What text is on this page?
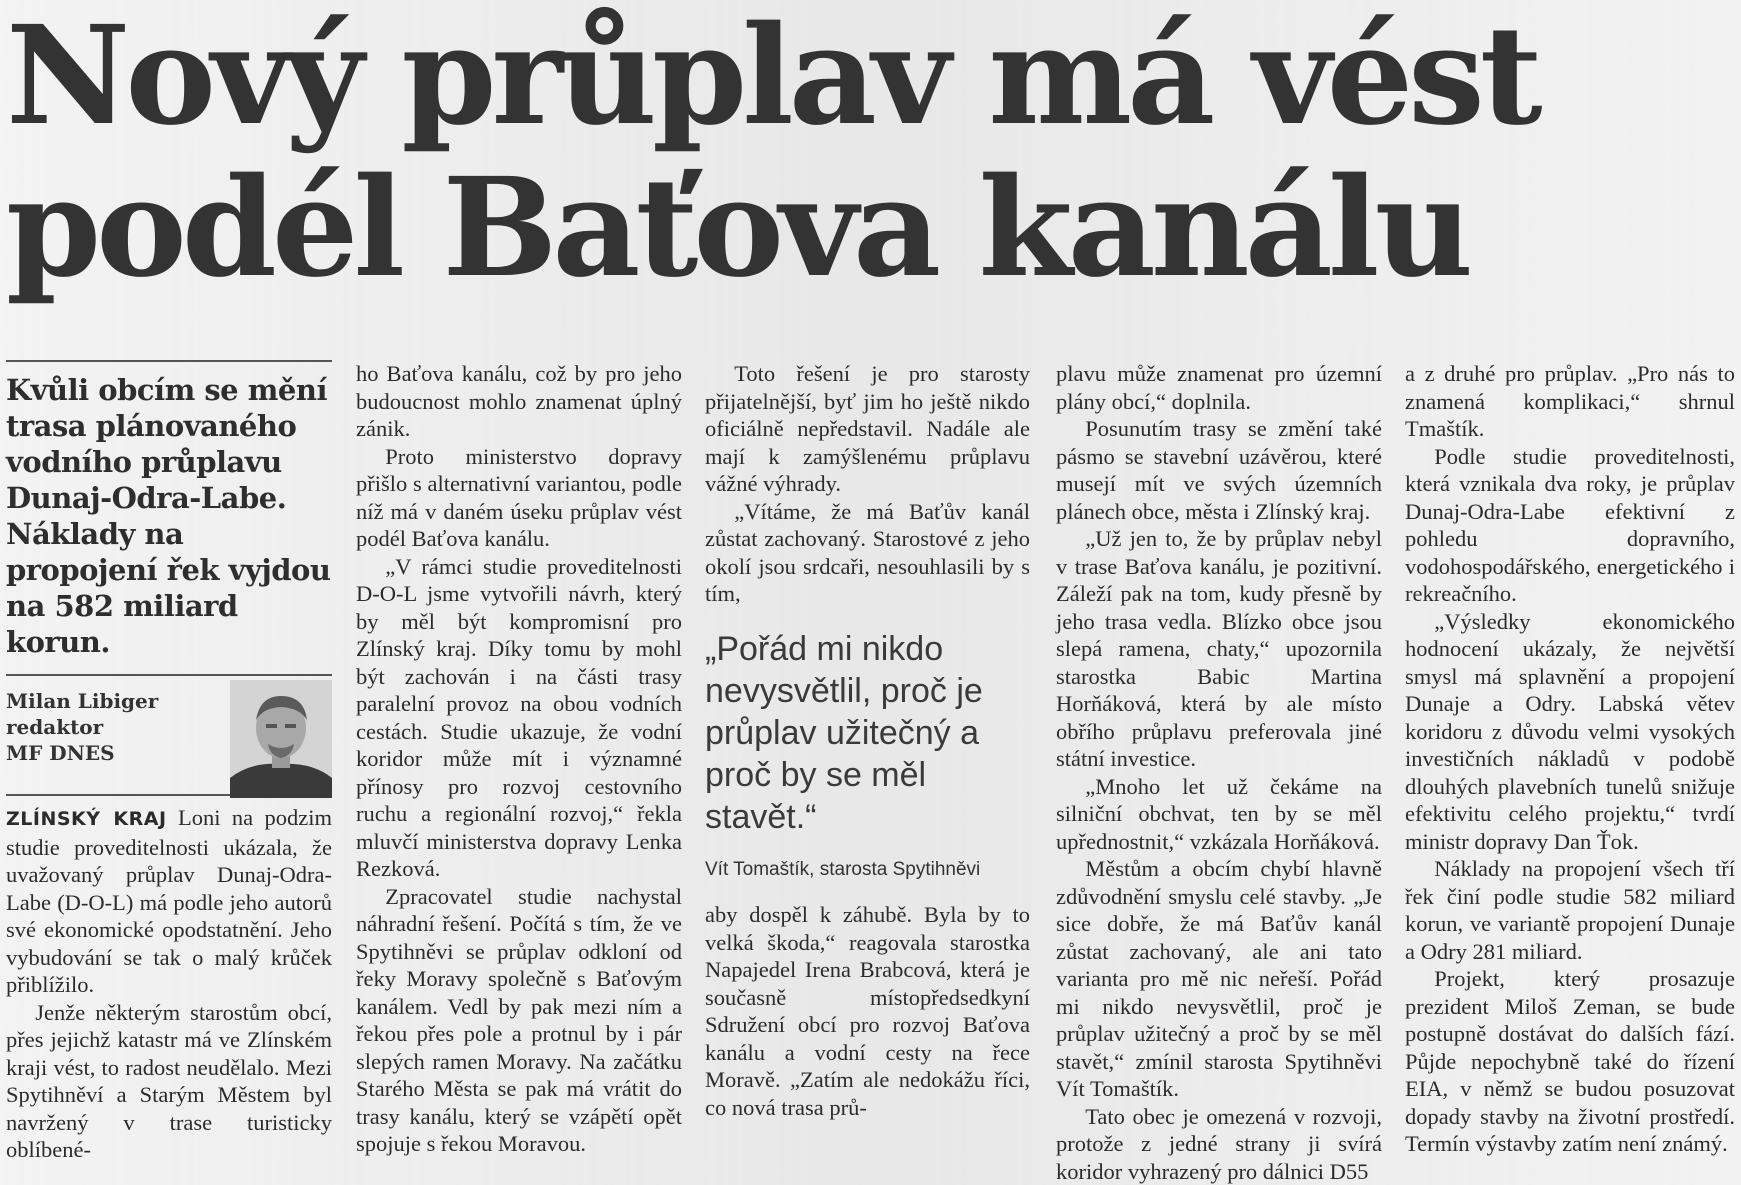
Nový průplav má vést podél Baťova kanálu
Kvůli obcím se mění trasa plánovaného vodního průplavu Dunaj-Odra-Labe. Náklady na propojení řek vyjdou na 582 miliard korun.
Milan Libiger
redaktor
MF DNES

ZLÍNSKÝ KRAJ Loni na podzim studie proveditelnosti ukázala, že uvažovaný průplav Dunaj-Odra-Labe (D-O-L) má podle jeho autorů své ekonomické opodstatnění. Jeho vybudování se tak o malý krůček přiblížilo.

Jenže některým starostům obcí, přes jejichž katastr má ve Zlínském kraji vést, to radost neudělalo. Mezi Spytihněví a Starým Městem byl navržený v trase turisticky oblíbené-

ho Baťova kanálu, což by pro jeho budoucnost mohlo znamenat úplný zánik.

Proto ministerstvo dopravy přišlo s alternativní variantou, podle níž má v daném úseku průplav vést podél Baťova kanálu.

„V rámci studie proveditelnosti D-O-L jsme vytvořili návrh, který by měl být kompromisní pro Zlínský kraj. Díky tomu by mohl být zachován i na části trasy paralelní provoz na obou vodních cestách. Studie ukazuje, že vodní koridor může mít i významné přínosy pro rozvoj cestovního ruchu a regionální rozvoj,“ řekla mluvčí ministerstva dopravy Lenka Rezková.

Zpracovatel studie nachystal náhradní řešení. Počítá s tím, že ve Spytihněvi se průplav odkloní od řeky Moravy společně s Baťovým kanálem. Vedl by pak mezi ním a řekou přes pole a protnul by i pár slepých ramen Moravy. Na začátku Starého Města se pak má vrátit do trasy kanálu, který se vzápětí opět spojuje s řekou Moravou.

Toto řešení je pro starosty přijatelnější, byť jim ho ještě nikdo oficiálně nepředstavil. Nadále ale mají k zamýšlenému průplavu vážné výhrady.

„Vítáme, že má Baťův kanál zůstat zachovaný. Starostové z jeho okolí jsou srdcaři, nesouhlasili by s tím,

„Pořád mi nikdo nevysvětlil, proč je průplav užitečný a proč by se měl stavět.“

Vít Tomaštík, starosta Spytihněvi

aby dospěl k záhubě. Byla by to velká škoda,“ reagovala starostka Napajedel Irena Brabcová, která je současně místopředsedkyní Sdružení obcí pro rozvoj Baťova kanálu a vodní cesty na řece Moravě. „Zatím ale nedokážu říci, co nová trasa prů-

plavu může znamenat pro územní plány obcí,“ doplnila.

Posunutím trasy se změní také pásmo se stavební uzávěrou, které musejí mít ve svých územních plánech obce, města i Zlínský kraj.

„Už jen to, že by průplav nebyl v trase Baťova kanálu, je pozitivní. Záleží pak na tom, kudy přesně by jeho trasa vedla. Blízko obce jsou slepá ramena, chaty,“ upozornila starostka Babic Martina Horňáková, která by ale místo obřího průplavu preferovala jiné státní investice.

„Mnoho let už čekáme na silniční obchvat, ten by se měl upřednostnit,“ vzkázala Horňáková.

Městům a obcím chybí hlavně zdůvodnění smyslu celé stavby. „Je sice dobře, že má Baťův kanál zůstat zachovaný, ale ani tato varianta pro mě nic neřeší. Pořád mi nikdo nevysvětlil, proč je průplav užitečný a proč by se měl stavět,“ zmínil starosta Spytihněvi Vít Tomaštík.

Tato obec je omezená v rozvoji, protože z jedné strany ji svírá koridor vyhrazený pro dálnici D55

a z druhé pro průplav. „Pro nás to znamená komplikaci,“ shrnul Tmaštík.

Podle studie proveditelnosti, která vznikala dva roky, je průplav Dunaj-Odra-Labe efektivní z pohledu dopravního, vodohospodářského, energetického i rekreačního.

„Výsledky ekonomického hodnocení ukázaly, že největší smysl má splavnění a propojení Dunaje a Odry. Labská větev koridoru z důvodu velmi vysokých investičních nákladů v podobě dlouhých plavebních tunelů snižuje efektivitu celého projektu,“ tvrdí ministr dopravy Dan Ťok.

Náklady na propojení všech tří řek činí podle studie 582 miliard korun, ve variantě propojení Dunaje a Odry 281 miliard.

Projekt, který prosazuje prezident Miloš Zeman, se bude postupně dostávat do dalších fází. Půjde nepochybně také do řízení EIA, v němž se budou posuzovat dopady stavby na životní prostředí. Termín výstavby zatím není známý.
